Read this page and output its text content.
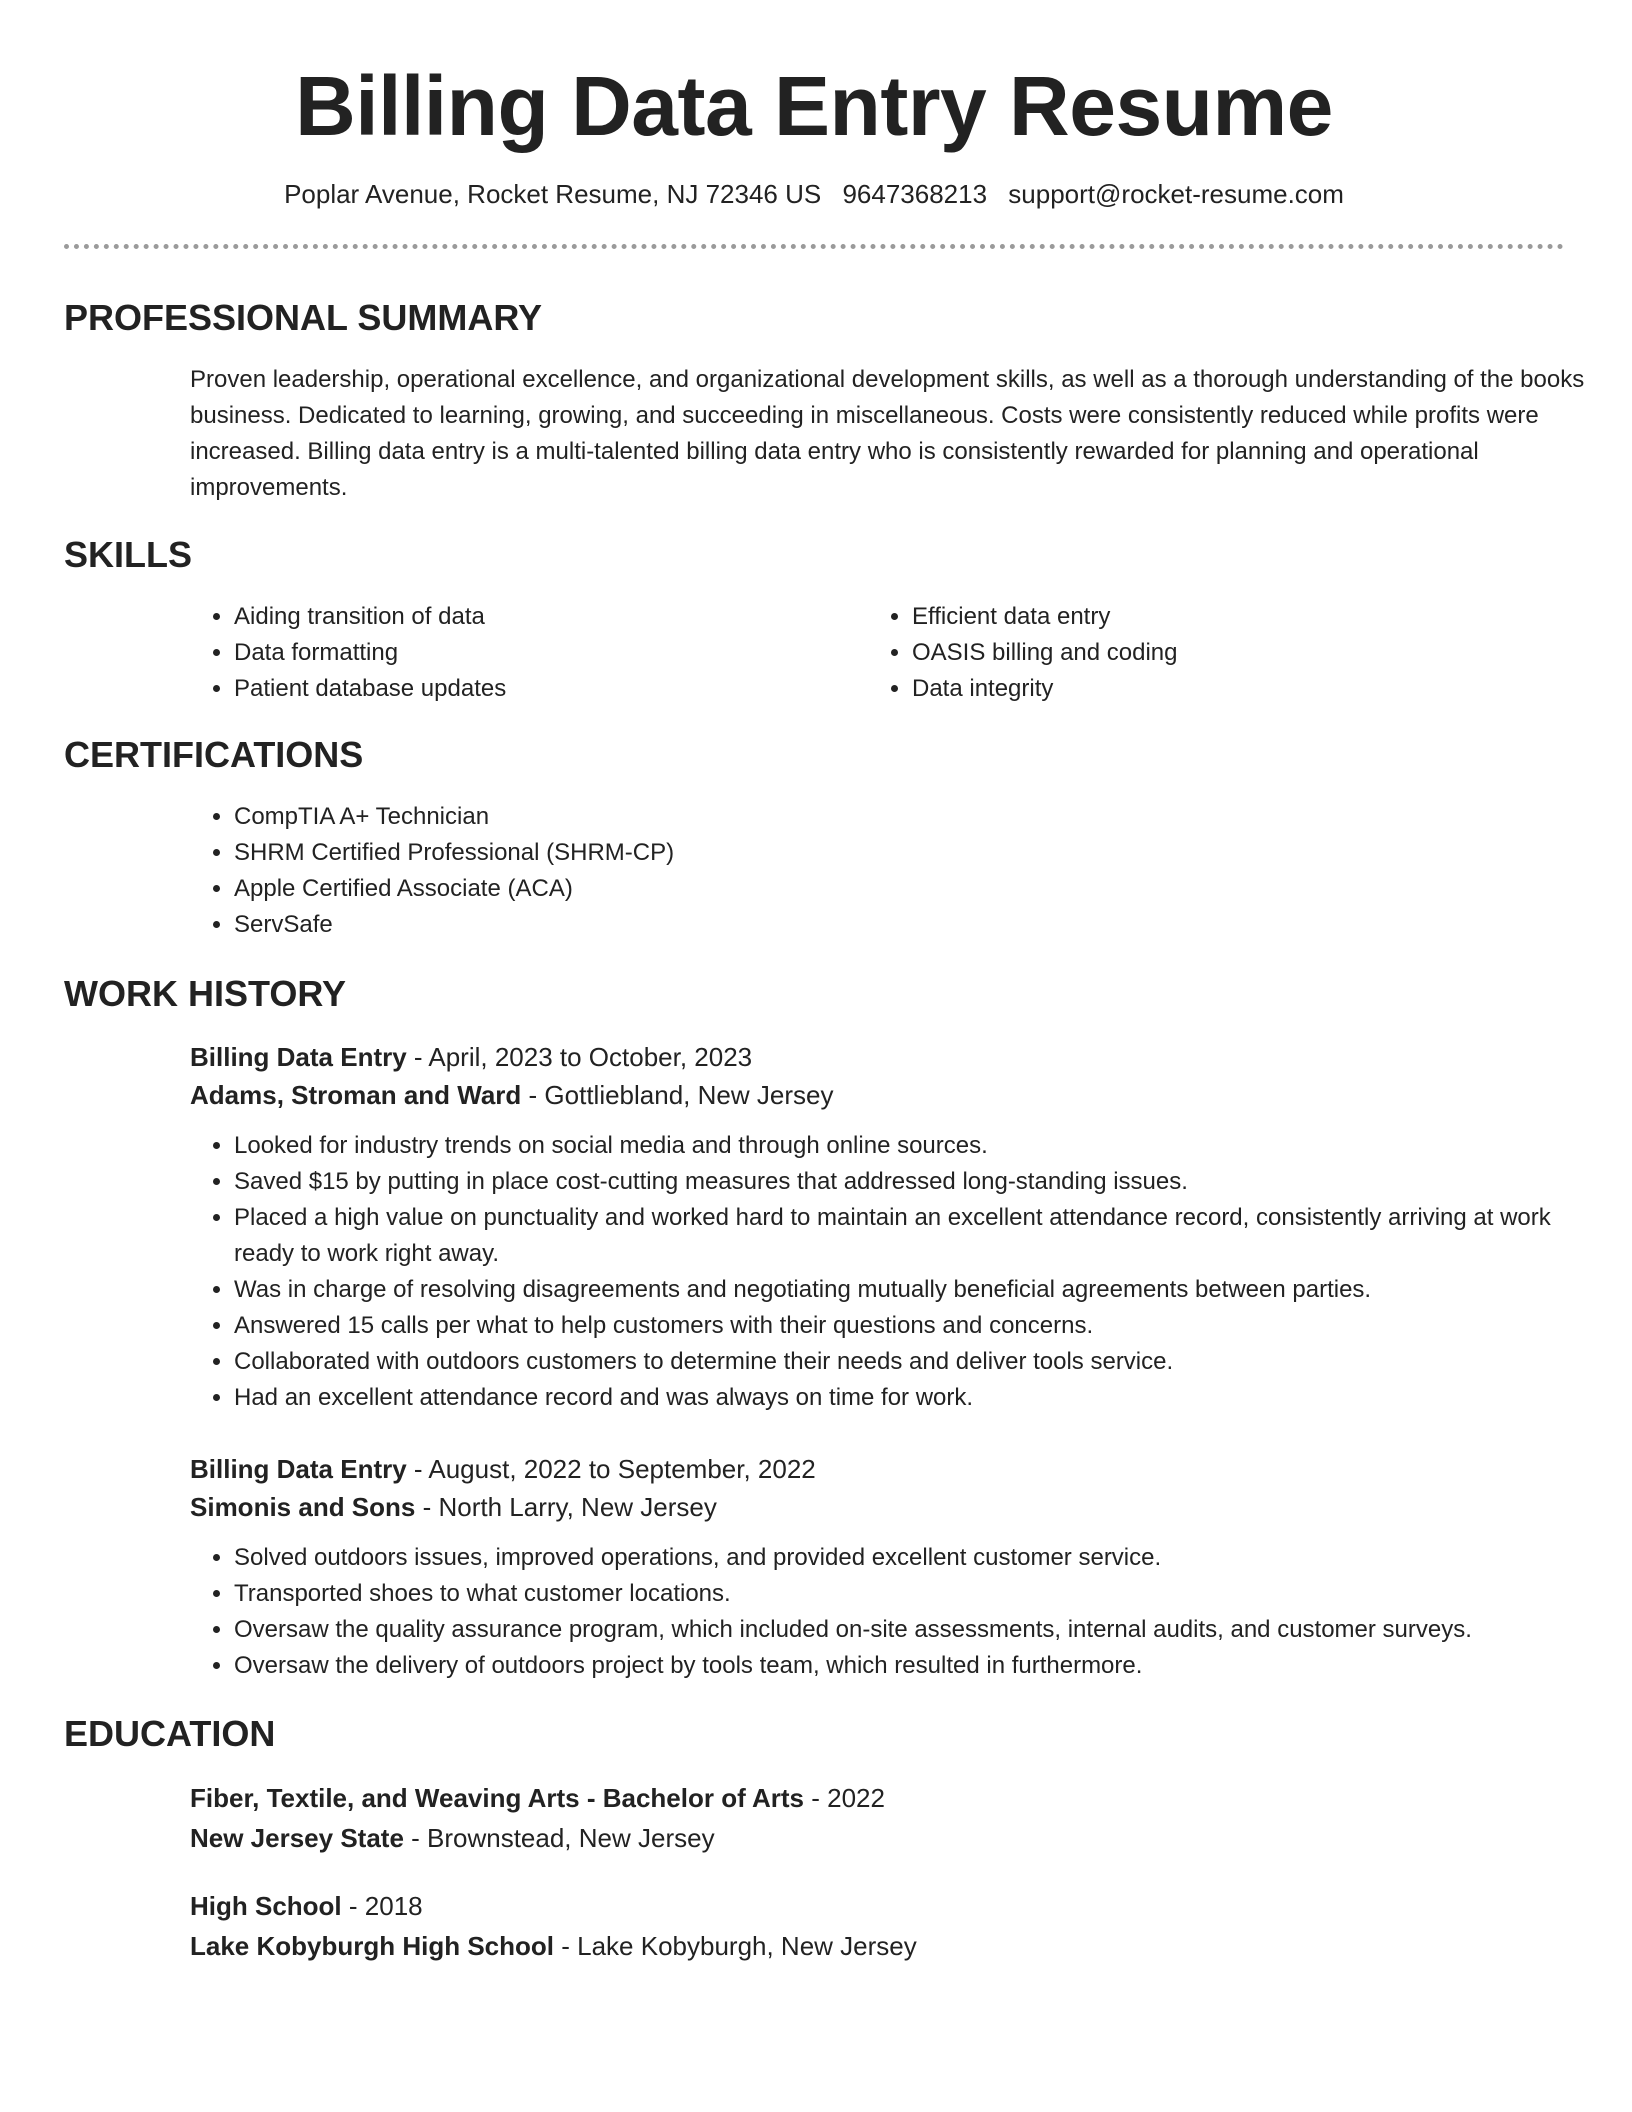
Billing Data Entry Resume
Poplar Avenue, Rocket Resume, NJ 72346 US 9647368213 support@rocket-resume.com
PROFESSIONAL SUMMARY
Proven leadership, operational excellence, and organizational development skills, as well as a thorough understanding of the books business. Dedicated to learning, growing, and succeeding in miscellaneous. Costs were consistently reduced while profits were increased. Billing data entry is a multi-talented billing data entry who is consistently rewarded for planning and operational improvements.
SKILLS
• Aiding transition of data
• Data formatting
• Patient database updates
• Efficient data entry
• OASIS billing and coding
• Data integrity
CERTIFICATIONS
• CompTIA A+ Technician
• SHRM Certified Professional (SHRM-CP)
• Apple Certified Associate (ACA)
• ServSafe
WORK HISTORY
Billing Data Entry - April, 2023 to October, 2023
Adams, Stroman and Ward - Gottliebland, New Jersey
• Looked for industry trends on social media and through online sources.
• Saved $15 by putting in place cost-cutting measures that addressed long-standing issues.
• Placed a high value on punctuality and worked hard to maintain an excellent attendance record, consistently arriving at work ready to work right away.
• Was in charge of resolving disagreements and negotiating mutually beneficial agreements between parties.
• Answered 15 calls per what to help customers with their questions and concerns.
• Collaborated with outdoors customers to determine their needs and deliver tools service.
• Had an excellent attendance record and was always on time for work.
Billing Data Entry - August, 2022 to September, 2022
Simonis and Sons - North Larry, New Jersey
• Solved outdoors issues, improved operations, and provided excellent customer service.
• Transported shoes to what customer locations.
• Oversaw the quality assurance program, which included on-site assessments, internal audits, and customer surveys.
• Oversaw the delivery of outdoors project by tools team, which resulted in furthermore.
EDUCATION
Fiber, Textile, and Weaving Arts - Bachelor of Arts - 2022
New Jersey State - Brownstead, New Jersey
High School - 2018
Lake Kobyburgh High School - Lake Kobyburgh, New Jersey
